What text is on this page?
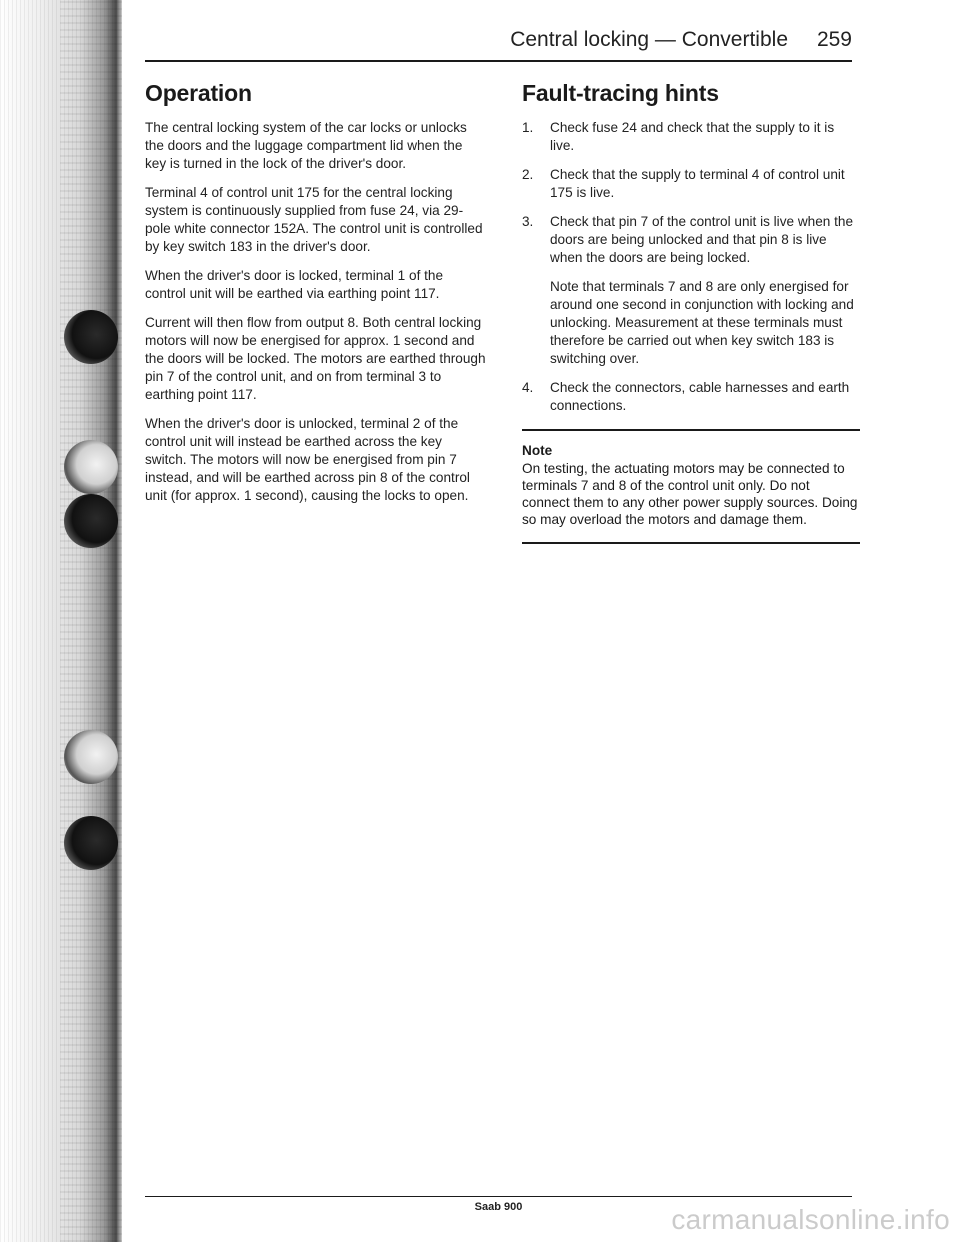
Central locking — Convertible 259
Operation

The central locking system of the car locks or unlocks the doors and the luggage compartment lid when the key is turned in the lock of the driver's door.

Terminal 4 of control unit 175 for the central locking system is continuously supplied from fuse 24, via 29-pole white connector 152A. The control unit is controlled by key switch 183 in the driver's door.

When the driver's door is locked, terminal 1 of the control unit will be earthed via earthing point 117.

Current will then flow from output 8. Both central locking motors will now be energised for approx. 1 second and the doors will be locked. The motors are earthed through pin 7 of the control unit, and on from terminal 3 to earthing point 117.

When the driver's door is unlocked, terminal 2 of the control unit will instead be earthed across the key switch. The motors will now be energised from pin 7 instead, and will be earthed across pin 8 of the control unit (for approx. 1 second), causing the locks to open.

Fault-tracing hints
1. Check fuse 24 and check that the supply to it is live.
2. Check that the supply to terminal 4 of control unit 175 is live.
3. Check that pin 7 of the control unit is live when the doors are being unlocked and that pin 8 is live when the doors are being locked.

Note that terminals 7 and 8 are only energised for around one second in conjunction with locking and unlocking. Measurement at these terminals must therefore be carried out when key switch 183 is switching over.

4. Check the connectors, cable harnesses and earth connections.

Note

On testing, the actuating motors may be connected to terminals 7 and 8 of the control unit only. Do not connect them to any other power supply sources. Doing so may overload the motors and damage them.

Saab 900	carmanualsonline.info
